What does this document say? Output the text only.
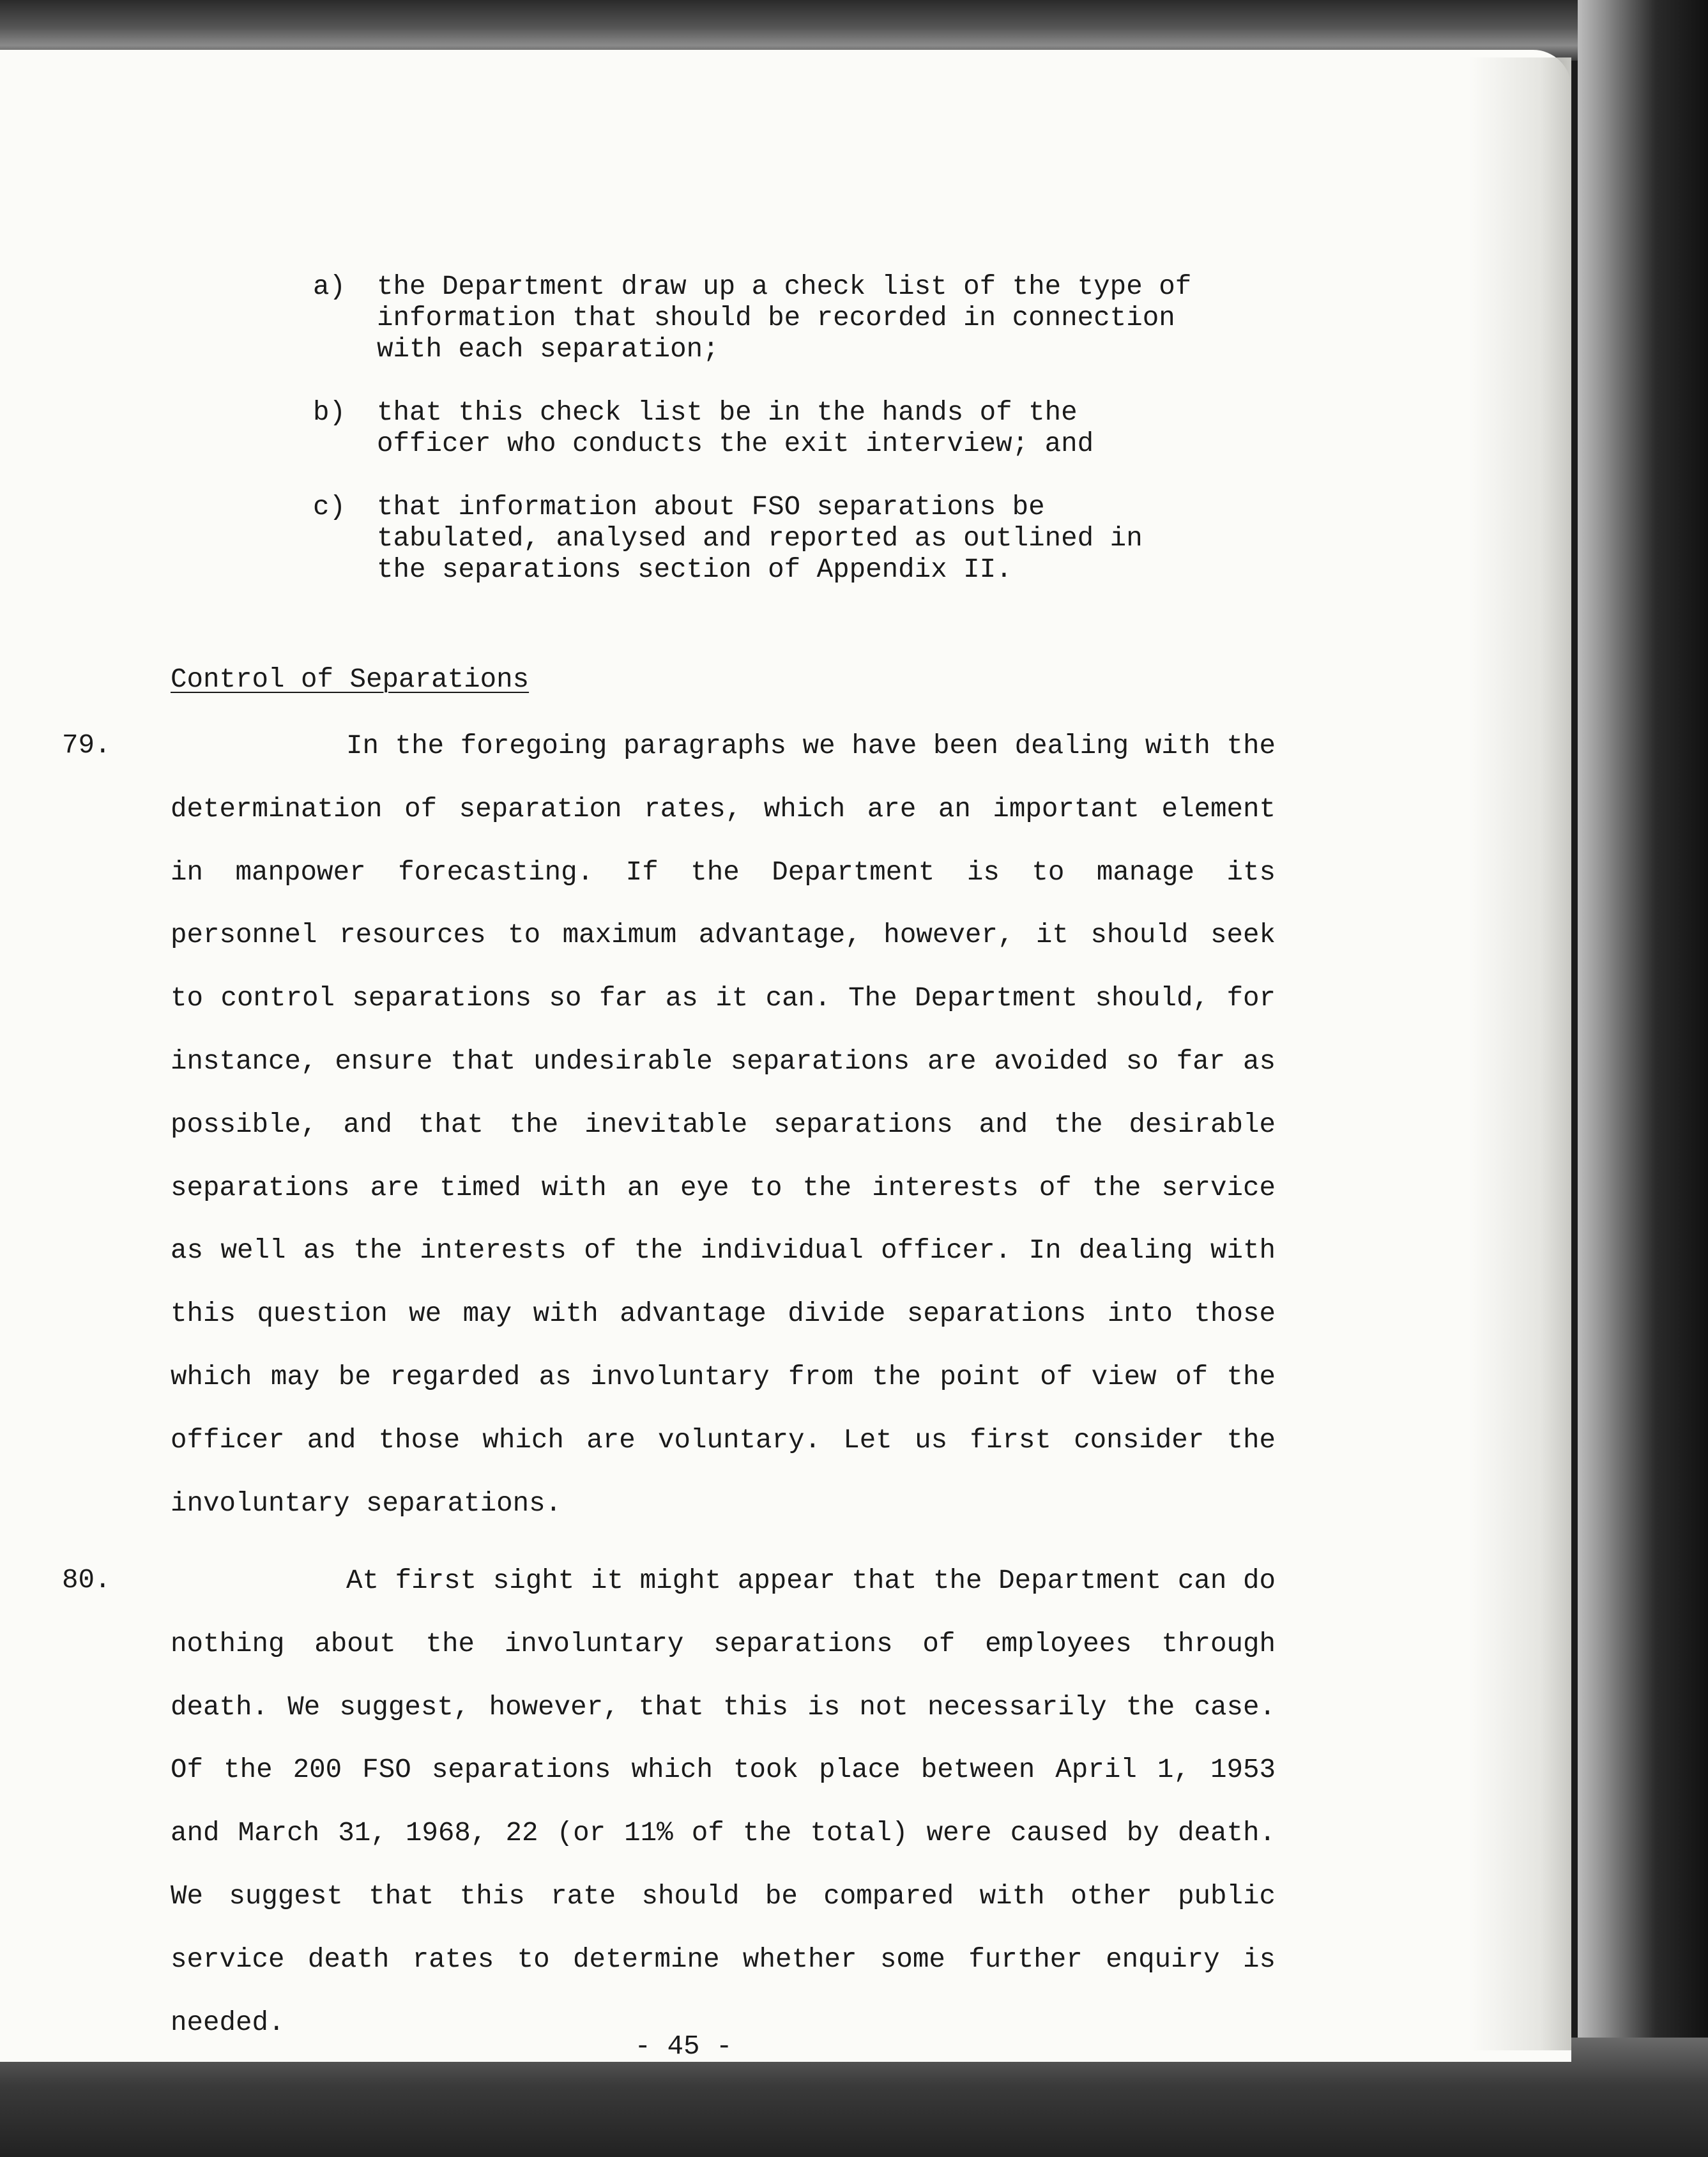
a) the Department draw up a check list of the type of information that should be recorded in connection with each separation;
b) that this check list be in the hands of the officer who conducts the exit interview; and
c) that information about FSO separations be tabulated, analysed and reported as outlined in the separations section of Appendix II.
Control of Separations
79.	In the foregoing paragraphs we have been dealing with the determination of separation rates, which are an important element in manpower forecasting. If the Department is to manage its personnel resources to maximum advantage, however, it should seek to control separations so far as it can. The Department should, for instance, ensure that undesirable separations are avoided so far as possible, and that the inevitable separations and the desirable separations are timed with an eye to the interests of the service as well as the interests of the individual officer. In dealing with this question we may with advantage divide separations into those which may be regarded as involuntary from the point of view of the officer and those which are voluntary. Let us first consider the involuntary separations.

80.	At first sight it might appear that the Department can do nothing about the involuntary separations of employees through death. We suggest, however, that this is not necessarily the case. Of the 200 FSO separations which took place between April 1, 1953 and March 31, 1968, 22 (or 11% of the total) were caused by death. We suggest that this rate should be compared with other public service death rates to determine whether some further enquiry is needed.

- 45 -
